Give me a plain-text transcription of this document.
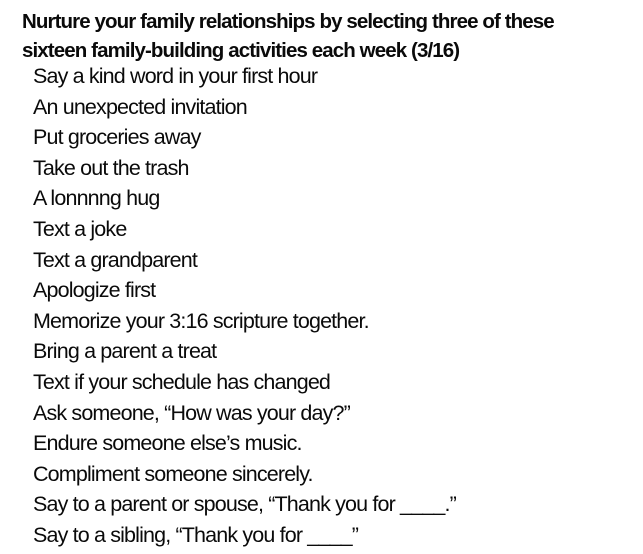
Nurture your family relationships by selecting three of these
sixteen family-building activities each week (3/16)
Say a kind word in your first hour
An unexpected invitation
Put groceries away
Take out the trash
A lonnnng hug
Text a joke
Text a grandparent
Apologize first
Memorize your 3:16 scripture together.
Bring a parent a treat
Text if your schedule has changed
Ask someone, “How was your day?”
Endure someone else’s music.
Compliment someone sincerely.
Say to a parent or spouse, “Thank you for ____.”
Say to a sibling, “Thank you for ____”
